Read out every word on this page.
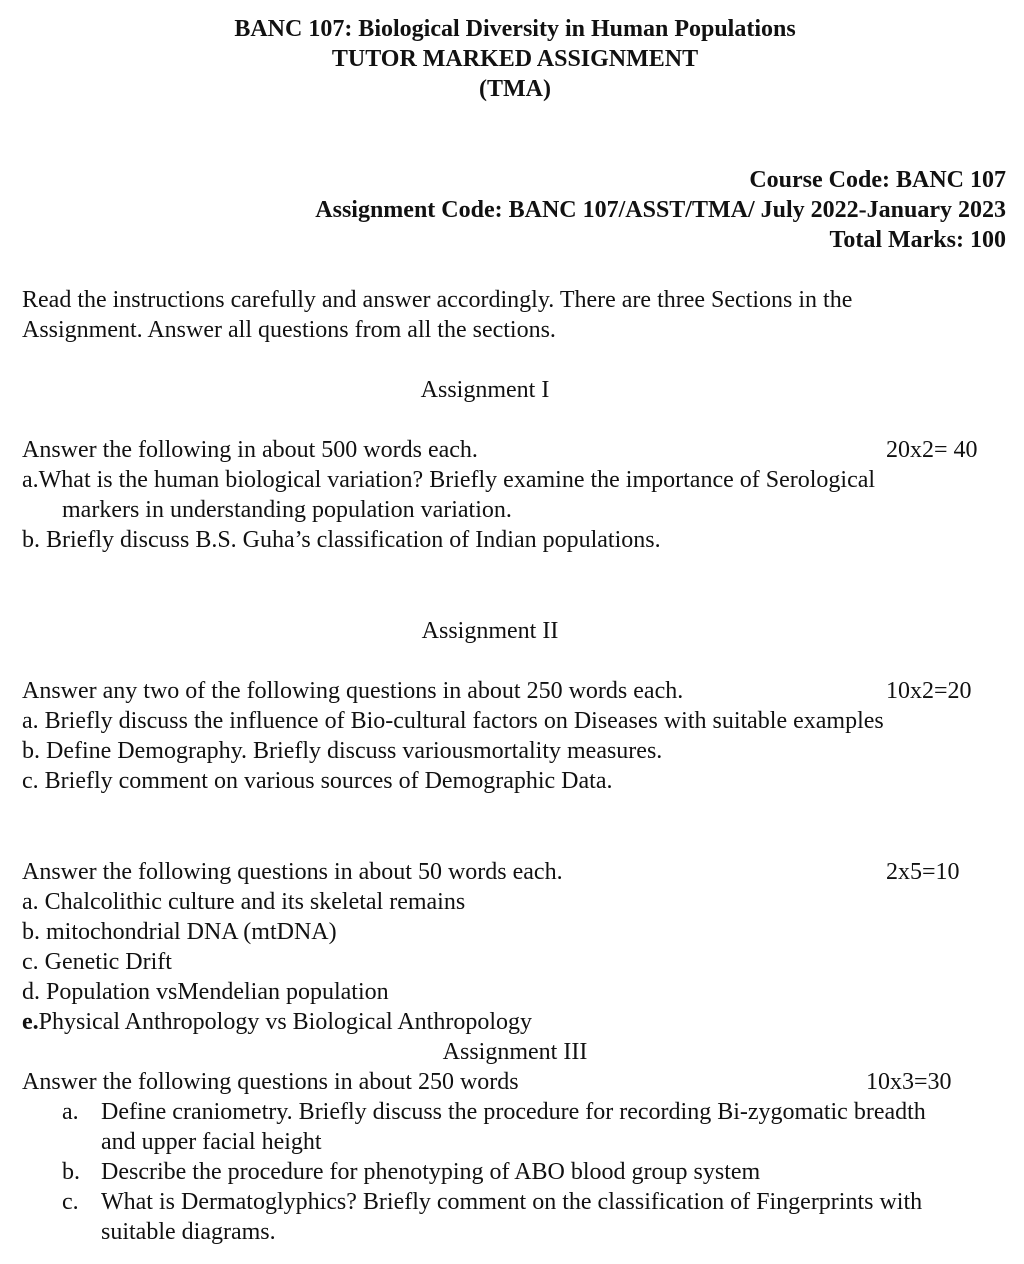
BANC 107: Biological Diversity in Human Populations
TUTOR MARKED ASSIGNMENT
(TMA)
Course Code: BANC 107
Assignment Code: BANC 107/ASST/TMA/ July 2022-January 2023
Total Marks: 100
Read the instructions carefully and answer accordingly. There are three Sections in the
Assignment. Answer all questions from all the sections.
Assignment I
Answer the following in about 500 words each.	20x2= 40
a.What is the human biological variation? Briefly examine the importance of Serological
markers in understanding population variation.
b. Briefly discuss B.S. Guha’s classification of Indian populations.
Assignment II
Answer any two of the following questions in about 250 words each.	10x2=20
a. Briefly discuss the influence of Bio-cultural factors on Diseases with suitable examples
b. Define Demography. Briefly discuss variousmortality measures.
c. Briefly comment on various sources of Demographic Data.
Answer the following questions in about 50 words each.	2x5=10
a. Chalcolithic culture and its skeletal remains
b. mitochondrial DNA (mtDNA)
c. Genetic Drift
d. Population vsMendelian population
e.Physical Anthropology vs Biological Anthropology
Assignment III
Answer the following questions in about 250 words	10x3=30
a. Define craniometry. Briefly discuss the procedure for recording Bi-zygomatic breadth
and upper facial height
b. Describe the procedure for phenotyping of ABO blood group system
c. What is Dermatoglyphics? Briefly comment on the classification of Fingerprints with
suitable diagrams.
